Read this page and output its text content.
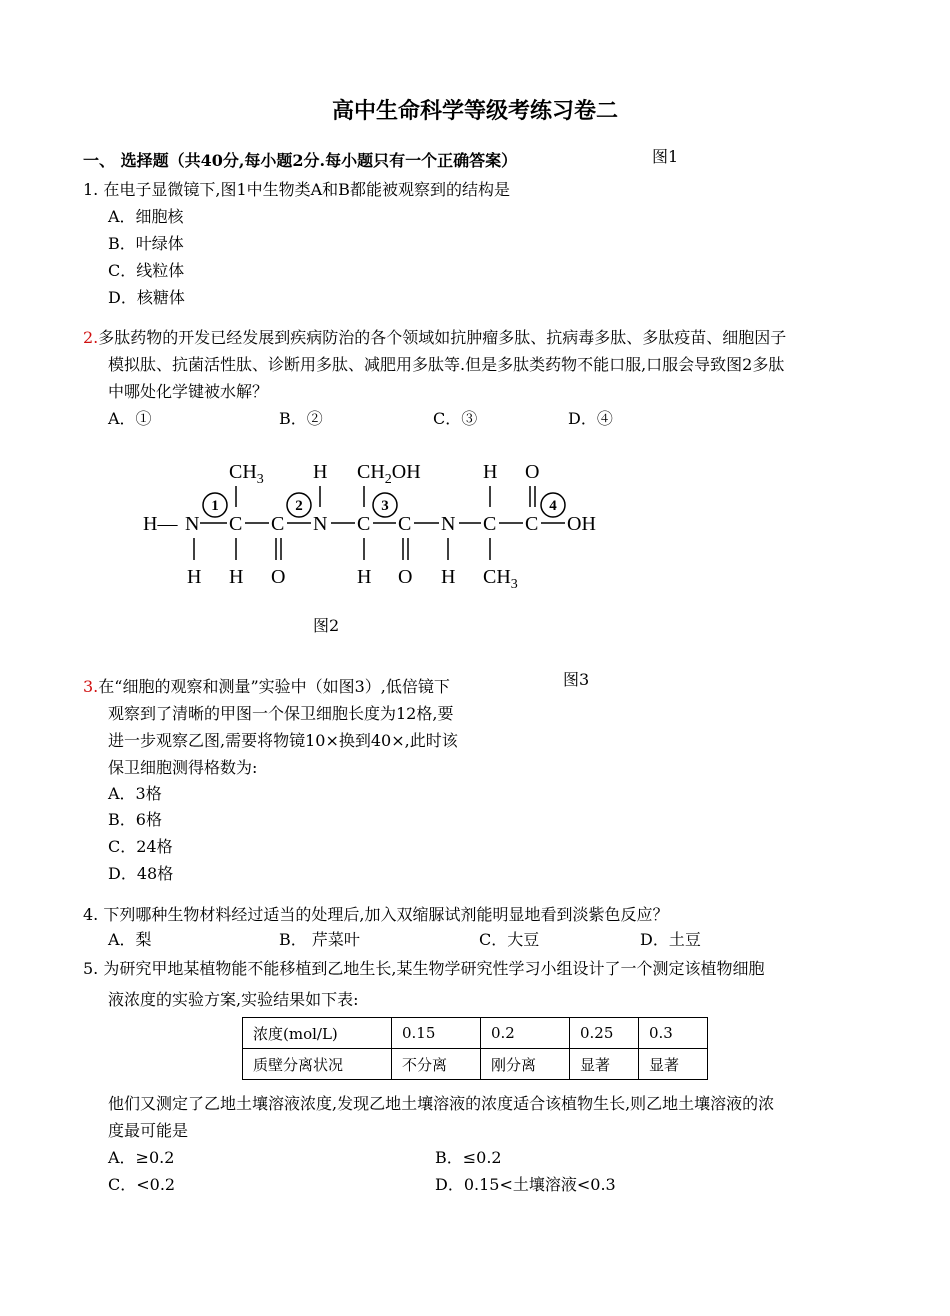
高中生命科学等级考练习卷二
一、 选择题（共40分,每小题2分.每小题只有一个正确答案）	图1
1. 在电子显微镜下,图1中生物类A和B都能被观察到的结构是
A．细胞核
B．叶绿体
C．线粒体
D．核糖体
2.多肽药物的开发已经发展到疾病防治的各个领域如抗肿瘤多肽、抗病毒多肽、多肽疫苗、细胞因子
模拟肽、抗菌活性肽、诊断用多肽、减肥用多肽等.但是多肽类药物不能口服,口服会导致图2多肽
中哪处化学键被水解？
A．①	B．②	C．③	D．④
H— N C C N C C N C C OH
$CH_3$ H $CH_2OH$	H O
H H O	H O H $CH_3$
1	2	3	4
图2
图3
3.在“细胞的观察和测量”实验中（如图3）,低倍镜下
观察到了清晰的甲图一个保卫细胞长度为12格,要
进一步观察乙图,需要将物镜10×换到40×,此时该
保卫细胞测得格数为:
A．3格
B．6格
C．24格
D．48格
4. 下列哪种生物材料经过适当的处理后,加入双缩脲试剂能明显地看到淡紫色反应？
A．梨	B． 芹菜叶	C．大豆	D．土豆
5. 为研究甲地某植物能不能移植到乙地生长,某生物学研究性学习小组设计了一个测定该植物细胞
液浓度的实验方案,实验结果如下表:
浓度(mol/L)	0.15	0.2	0.25	0.3
质壁分离状况	不分离	刚分离	显著	显著
他们又测定了乙地土壤溶液浓度,发现乙地土壤溶液的浓度适合该植物生长,则乙地土壤溶液的浓
度最可能是
A．≥0.2	B．≤0.2
C．<0.2	D．0.15<土壤溶液<0.3
